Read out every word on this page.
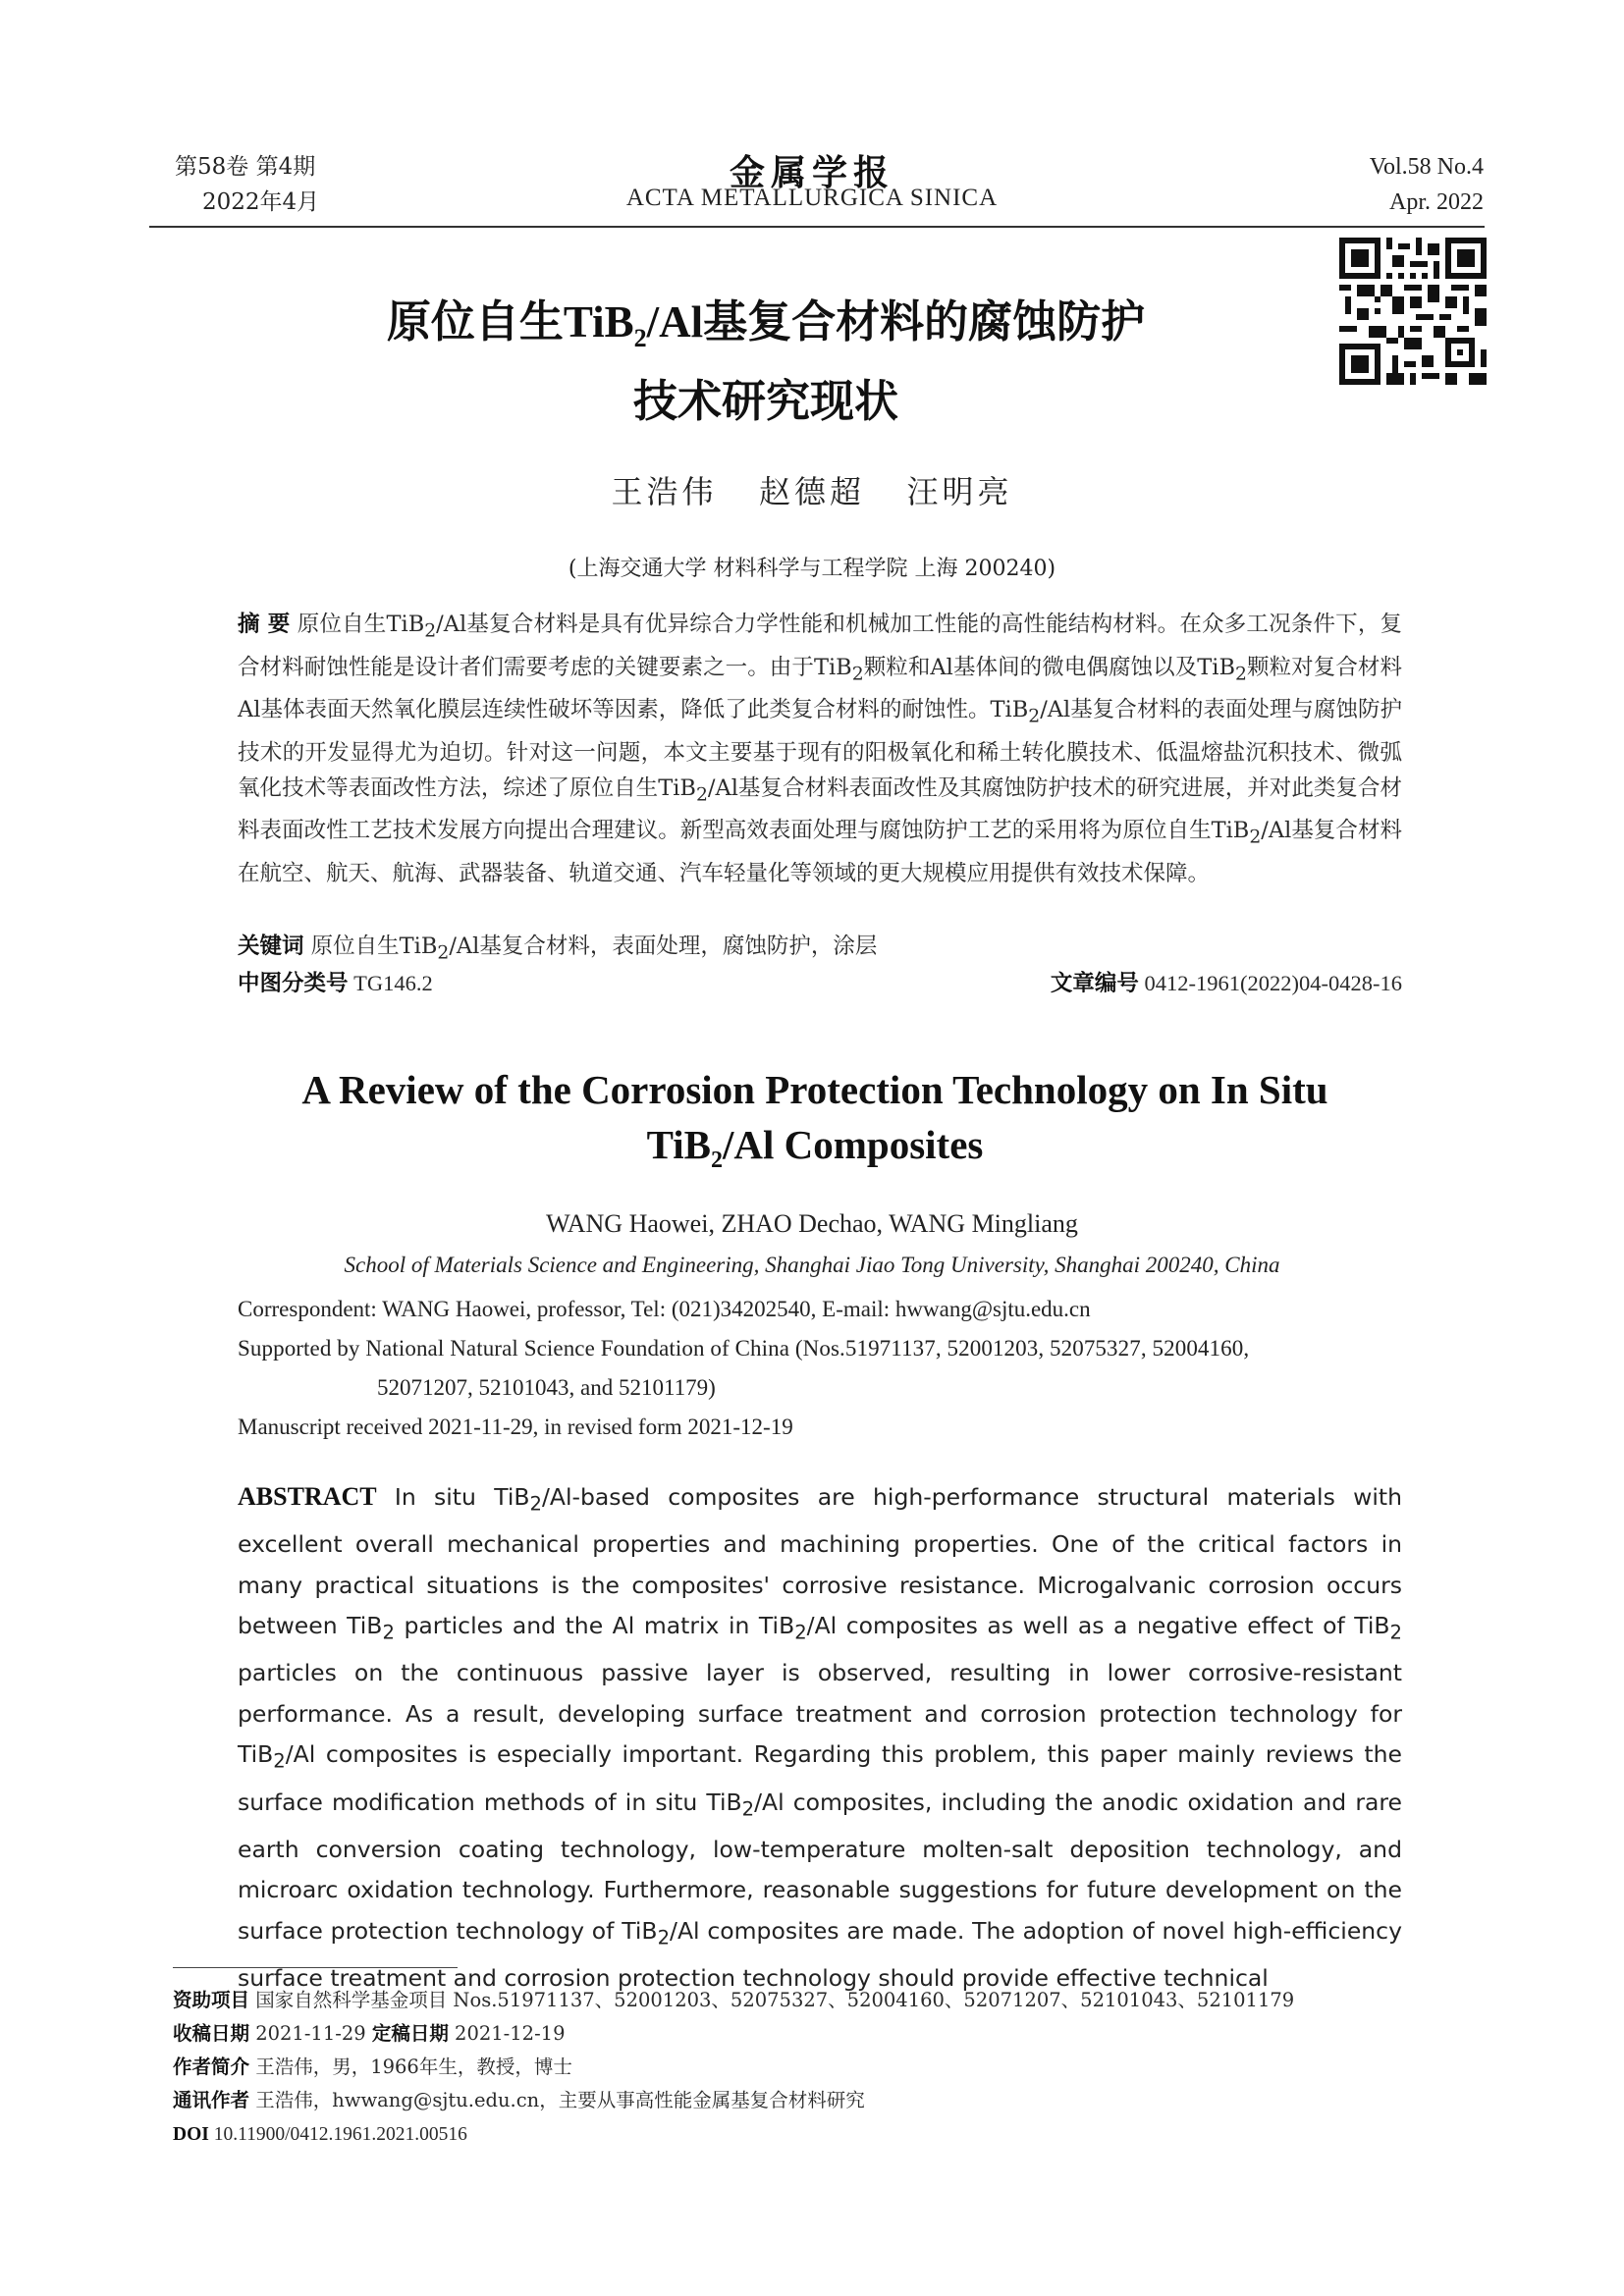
第58卷 第4期
2022年4月
金属学报
ACTA METALLURGICA SINICA
Vol.58 No.4
Apr. 2022
原位自生TiB$_2$/Al基复合材料的腐蚀防护
技术研究现状
王浩伟   赵德超   汪明亮
(上海交通大学 材料科学与工程学院 上海 200240)
摘 要 原位自生TiB$_2$/Al基复合材料是具有优异综合力学性能和机械加工性能的高性能结构材料。在众多工况条件下，复合材料耐蚀性能是设计者们需要考虑的关键要素之一。由于TiB$_2$颗粒和Al基体间的微电偶腐蚀以及TiB$_2$颗粒对复合材料Al基体表面天然氧化膜层连续性破坏等因素，降低了此类复合材料的耐蚀性。TiB$_2$/Al基复合材料的表面处理与腐蚀防护技术的开发显得尤为迫切。针对这一问题，本文主要基于现有的阳极氧化和稀土转化膜技术、低温熔盐沉积技术、微弧氧化技术等表面改性方法，综述了原位自生TiB$_2$/Al基复合材料表面改性及其腐蚀防护技术的研究进展，并对此类复合材料表面改性工艺技术发展方向提出合理建议。新型高效表面处理与腐蚀防护工艺的采用将为原位自生TiB$_2$/Al基复合材料在航空、航天、航海、武器装备、轨道交通、汽车轻量化等领域的更大规模应用提供有效技术保障。
关键词 原位自生TiB$_2$/Al基复合材料，表面处理，腐蚀防护，涂层
中图分类号 TG146.2	文章编号 0412-1961(2022)04-0428-16
A Review of the Corrosion Protection Technology on In Situ
TiB$_2$/Al Composites
WANG Haowei, ZHAO Dechao, WANG Mingliang
School of Materials Science and Engineering, Shanghai Jiao Tong University, Shanghai 200240, China
Correspondent: WANG Haowei, professor, Tel: (021)34202540, E-mail: hwwang@sjtu.edu.cn
Supported by National Natural Science Foundation of China (Nos.51971137, 52001203, 52075327, 52004160,
52071207, 52101043, and 52101179)
Manuscript received 2021-11-29, in revised form 2021-12-19
ABSTRACT In situ TiB$_2$/Al-based composites are high-performance structural materials with excellent overall mechanical properties and machining properties. One of the critical factors in many practical situations is the composites' corrosive resistance. Microgalvanic corrosion occurs between TiB$_2$ particles and the Al matrix in TiB$_2$/Al composites as well as a negative effect of TiB$_2$ particles on the continuous passive layer is observed, resulting in lower corrosive-resistant performance. As a result, developing surface treatment and corrosion protection technology for TiB$_2$/Al composites is especially important. Regarding this problem, this paper mainly reviews the surface modification methods of in situ TiB$_2$/Al composites, including the anodic oxidation and rare earth conversion coating technology, low-temperature molten-salt deposition technology, and microarc oxidation technology. Furthermore, reasonable suggestions for future development on the surface protection technology of TiB$_2$/Al composites are made. The adoption of novel high-efficiency surface treatment and corrosion protection technology should provide effective technical
资助项目 国家自然科学基金项目 Nos.51971137、52001203、52075327、52004160、52071207、52101043、52101179
收稿日期 2021-11-29 定稿日期 2021-12-19
作者简介 王浩伟，男，1966年生，教授，博士
通讯作者 王浩伟，hwwang@sjtu.edu.cn，主要从事高性能金属基复合材料研究
DOI 10.11900/0412.1961.2021.00516
